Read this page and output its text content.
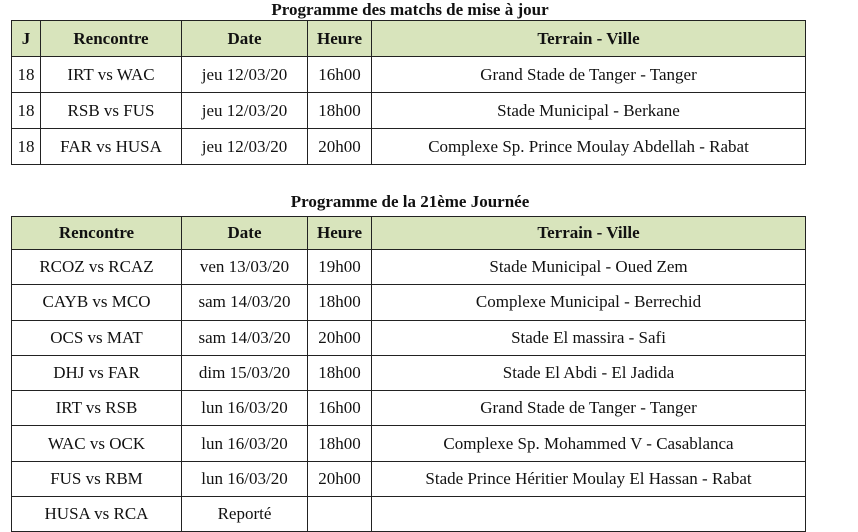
Programme des matchs de mise à jour
J	Rencontre	Date	Heure	Terrain - Ville
18	IRT vs WAC	jeu 12/03/20	16h00	Grand Stade de Tanger - Tanger
18	RSB vs FUS	jeu 12/03/20	18h00	Stade Municipal - Berkane
18	FAR vs HUSA	jeu 12/03/20	20h00	Complexe Sp. Prince Moulay Abdellah - Rabat
Programme de la 21ème Journée
Rencontre	Date	Heure	Terrain - Ville
RCOZ vs RCAZ	ven 13/03/20	19h00	Stade Municipal - Oued Zem
CAYB vs MCO	sam 14/03/20	18h00	Complexe Municipal - Berrechid
OCS vs MAT	sam 14/03/20	20h00	Stade El massira - Safi
DHJ vs FAR	dim 15/03/20	18h00	Stade El Abdi - El Jadida
IRT vs RSB	lun 16/03/20	16h00	Grand Stade de Tanger - Tanger
WAC vs OCK	lun 16/03/20	18h00	Complexe Sp. Mohammed V - Casablanca
FUS vs RBM	lun 16/03/20	20h00	Stade Prince Héritier Moulay El Hassan - Rabat
HUSA vs RCA	Reporté		
